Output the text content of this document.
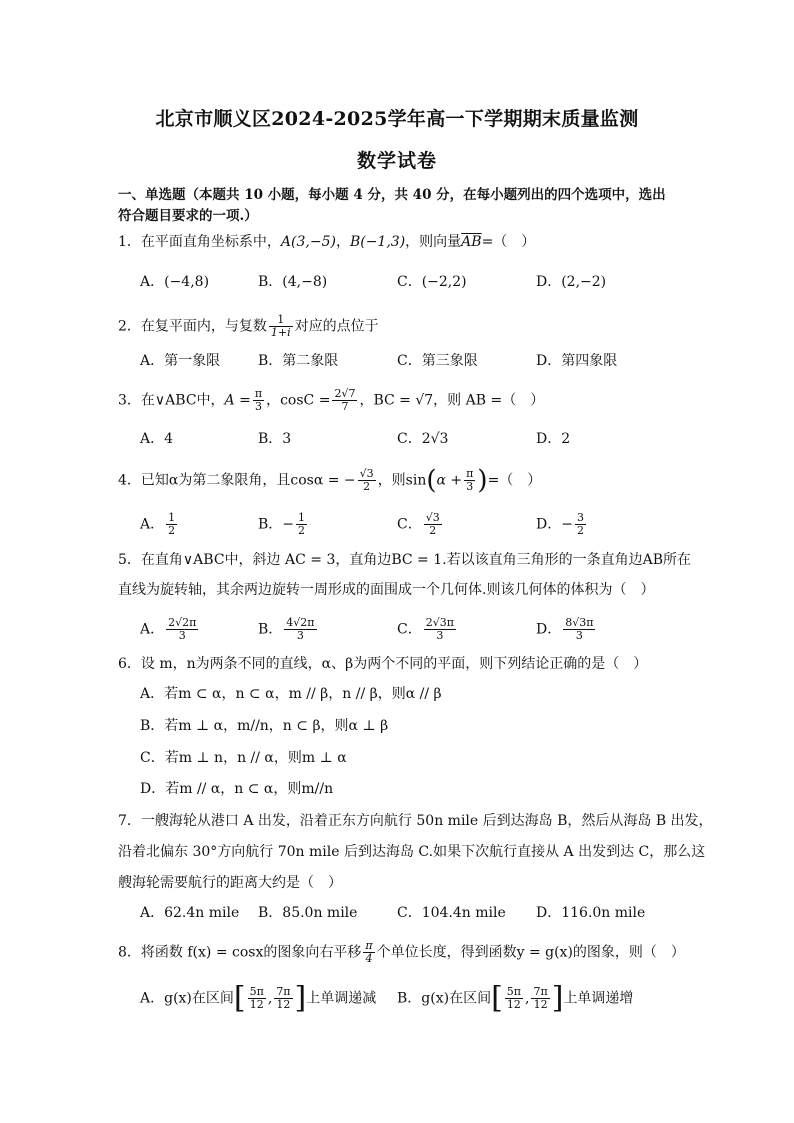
北京市顺义区2024-2025学年高一下学期期末质量监测
数学试卷
一、单选题（本题共 10 小题，每小题 4 分，共 40 分，在每小题列出的四个选项中，选出
符合题目要求的一项.）
1．在平面直角坐标系中，A(3,−5)，B(−1,3)，则向量$\overline{AB}=$（　）
A．(−4,8)	B．(4,−8)	C．(−2,2)	D．(2,−2)
2．在复平面内，与复数 $\frac{1}{1+i}$ 对应的点位于
A．第一象限	B．第二象限	C．第三象限	D．第四象限
3．在∨ABC中，$A = \frac{\pi}{3}$ ，$\cos C = \frac{2√7}{7}$ ，BC = √7，则 AB =（　）
A．4	B．3	C．2√3	D．2
4．已知α为第二象限角，且cosα = − $\frac{√3}{2}$ ，则$\sin(\alpha + \frac{\pi}{3}$ )=（　）
A． $\frac{1}{2}$	B．− $\frac{1}{2}$	C． $\frac{√3}{2}$	D．− $\frac{3}{2}$
5．在直角∨ABC中，斜边 AC = 3，直角边BC = 1.若以该直角三角形的一条直角边AB所在
直线为旋转轴，其余两边旋转一周形成的面围成一个几何体.则该几何体的体积为（　）
A． $\frac{2√2\pi}{3}$	B． $\frac{4√2\pi}{3}$	C． $\frac{2√3\pi}{3}$	D． $\frac{8√3\pi}{3}$
6．设 m，n为两条不同的直线，α、β为两个不同的平面，则下列结论正确的是（　）
A．若m ⊂ α，n ⊂ α，m // β，n // β，则α // β
B．若m ⊥ α，m//n，n ⊂ β，则α ⊥ β
C．若m ⊥ n，n // α，则m ⊥ α
D．若m // α，n ⊂ α，则m//n
7．一艘海轮从港口 A 出发，沿着正东方向航行 50n mile 后到达海岛 B，然后从海岛 B 出发，
沿着北偏东 30°方向航行 70n mile 后到达海岛 C.如果下次航行直接从 A 出发到达 C，那么这
艘海轮需要航行的距离大约是（　）
A．62.4n mile B．85.0n mile	C．104.4n mile D．116.0n mile
8．将函数 f(x) = cosx的图象向右平移 $\frac{\pi}{4}$ 个单位长度，得到函数y = g(x)的图象，则（　）
A．g(x)在区间[ $\frac{5\pi}{12}$ , $\frac{7\pi}{12}$ ]上单调递减 B．g(x)在区间[ $\frac{5\pi}{12}$ , $\frac{7\pi}{12}$ ]上单调递增
